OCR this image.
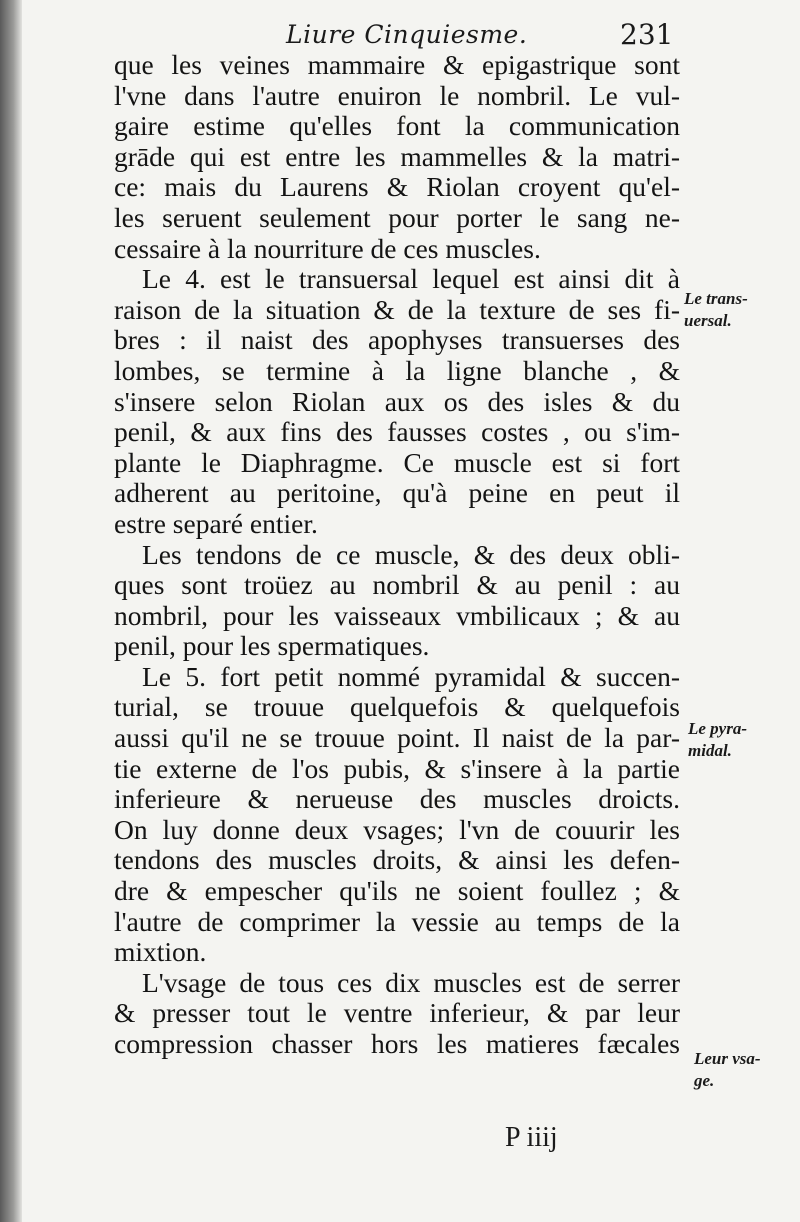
Liure Cinquiesme.	231
que les veines mammaire & epigastrique sont
l'vne dans l'autre enuiron le nombril. Le vul-
gaire estime qu'elles font la communication
grāde qui est entre les mammelles & la matri-
ce: mais du Laurens & Riolan croyent qu'el-
les seruent seulement pour porter le sang ne-
cessaire à la nourriture de ces muscles.
Le 4. est le transuersal lequel est ainsi dit à
raison de la situation & de la texture de ses fi-
bres : il naist des apophyses transuerses des
lombes, se termine à la ligne blanche , &
s'insere selon Riolan aux os des isles & du
penil, & aux fins des fausses costes , ou s'im-
plante le Diaphragme. Ce muscle est si fort
adherent au peritoine, qu'à peine en peut il
estre separé entier.
Les tendons de ce muscle, & des deux obli-
ques sont troüez au nombril & au penil : au
nombril, pour les vaisseaux vmbilicaux ; & au
penil, pour les spermatiques.
Le 5. fort petit nommé pyramidal & succen-
turial, se trouue quelquefois & quelquefois
aussi qu'il ne se trouue point. Il naist de la par-
tie externe de l'os pubis, & s'insere à la partie
inferieure & nerueuse des muscles droicts.
On luy donne deux vsages; l'vn de couurir les
tendons des muscles droits, & ainsi les defen-
dre & empescher qu'ils ne soient foullez ; &
l'autre de comprimer la vessie au temps de la
mixtion.
L'vsage de tous ces dix muscles est de serrer
& presser tout le ventre inferieur, & par leur
compression chasser hors les matieres fæcales
Le trans-
uersal.
Le pyra-
midal.
Leur vsa-
ge.
P iiij
